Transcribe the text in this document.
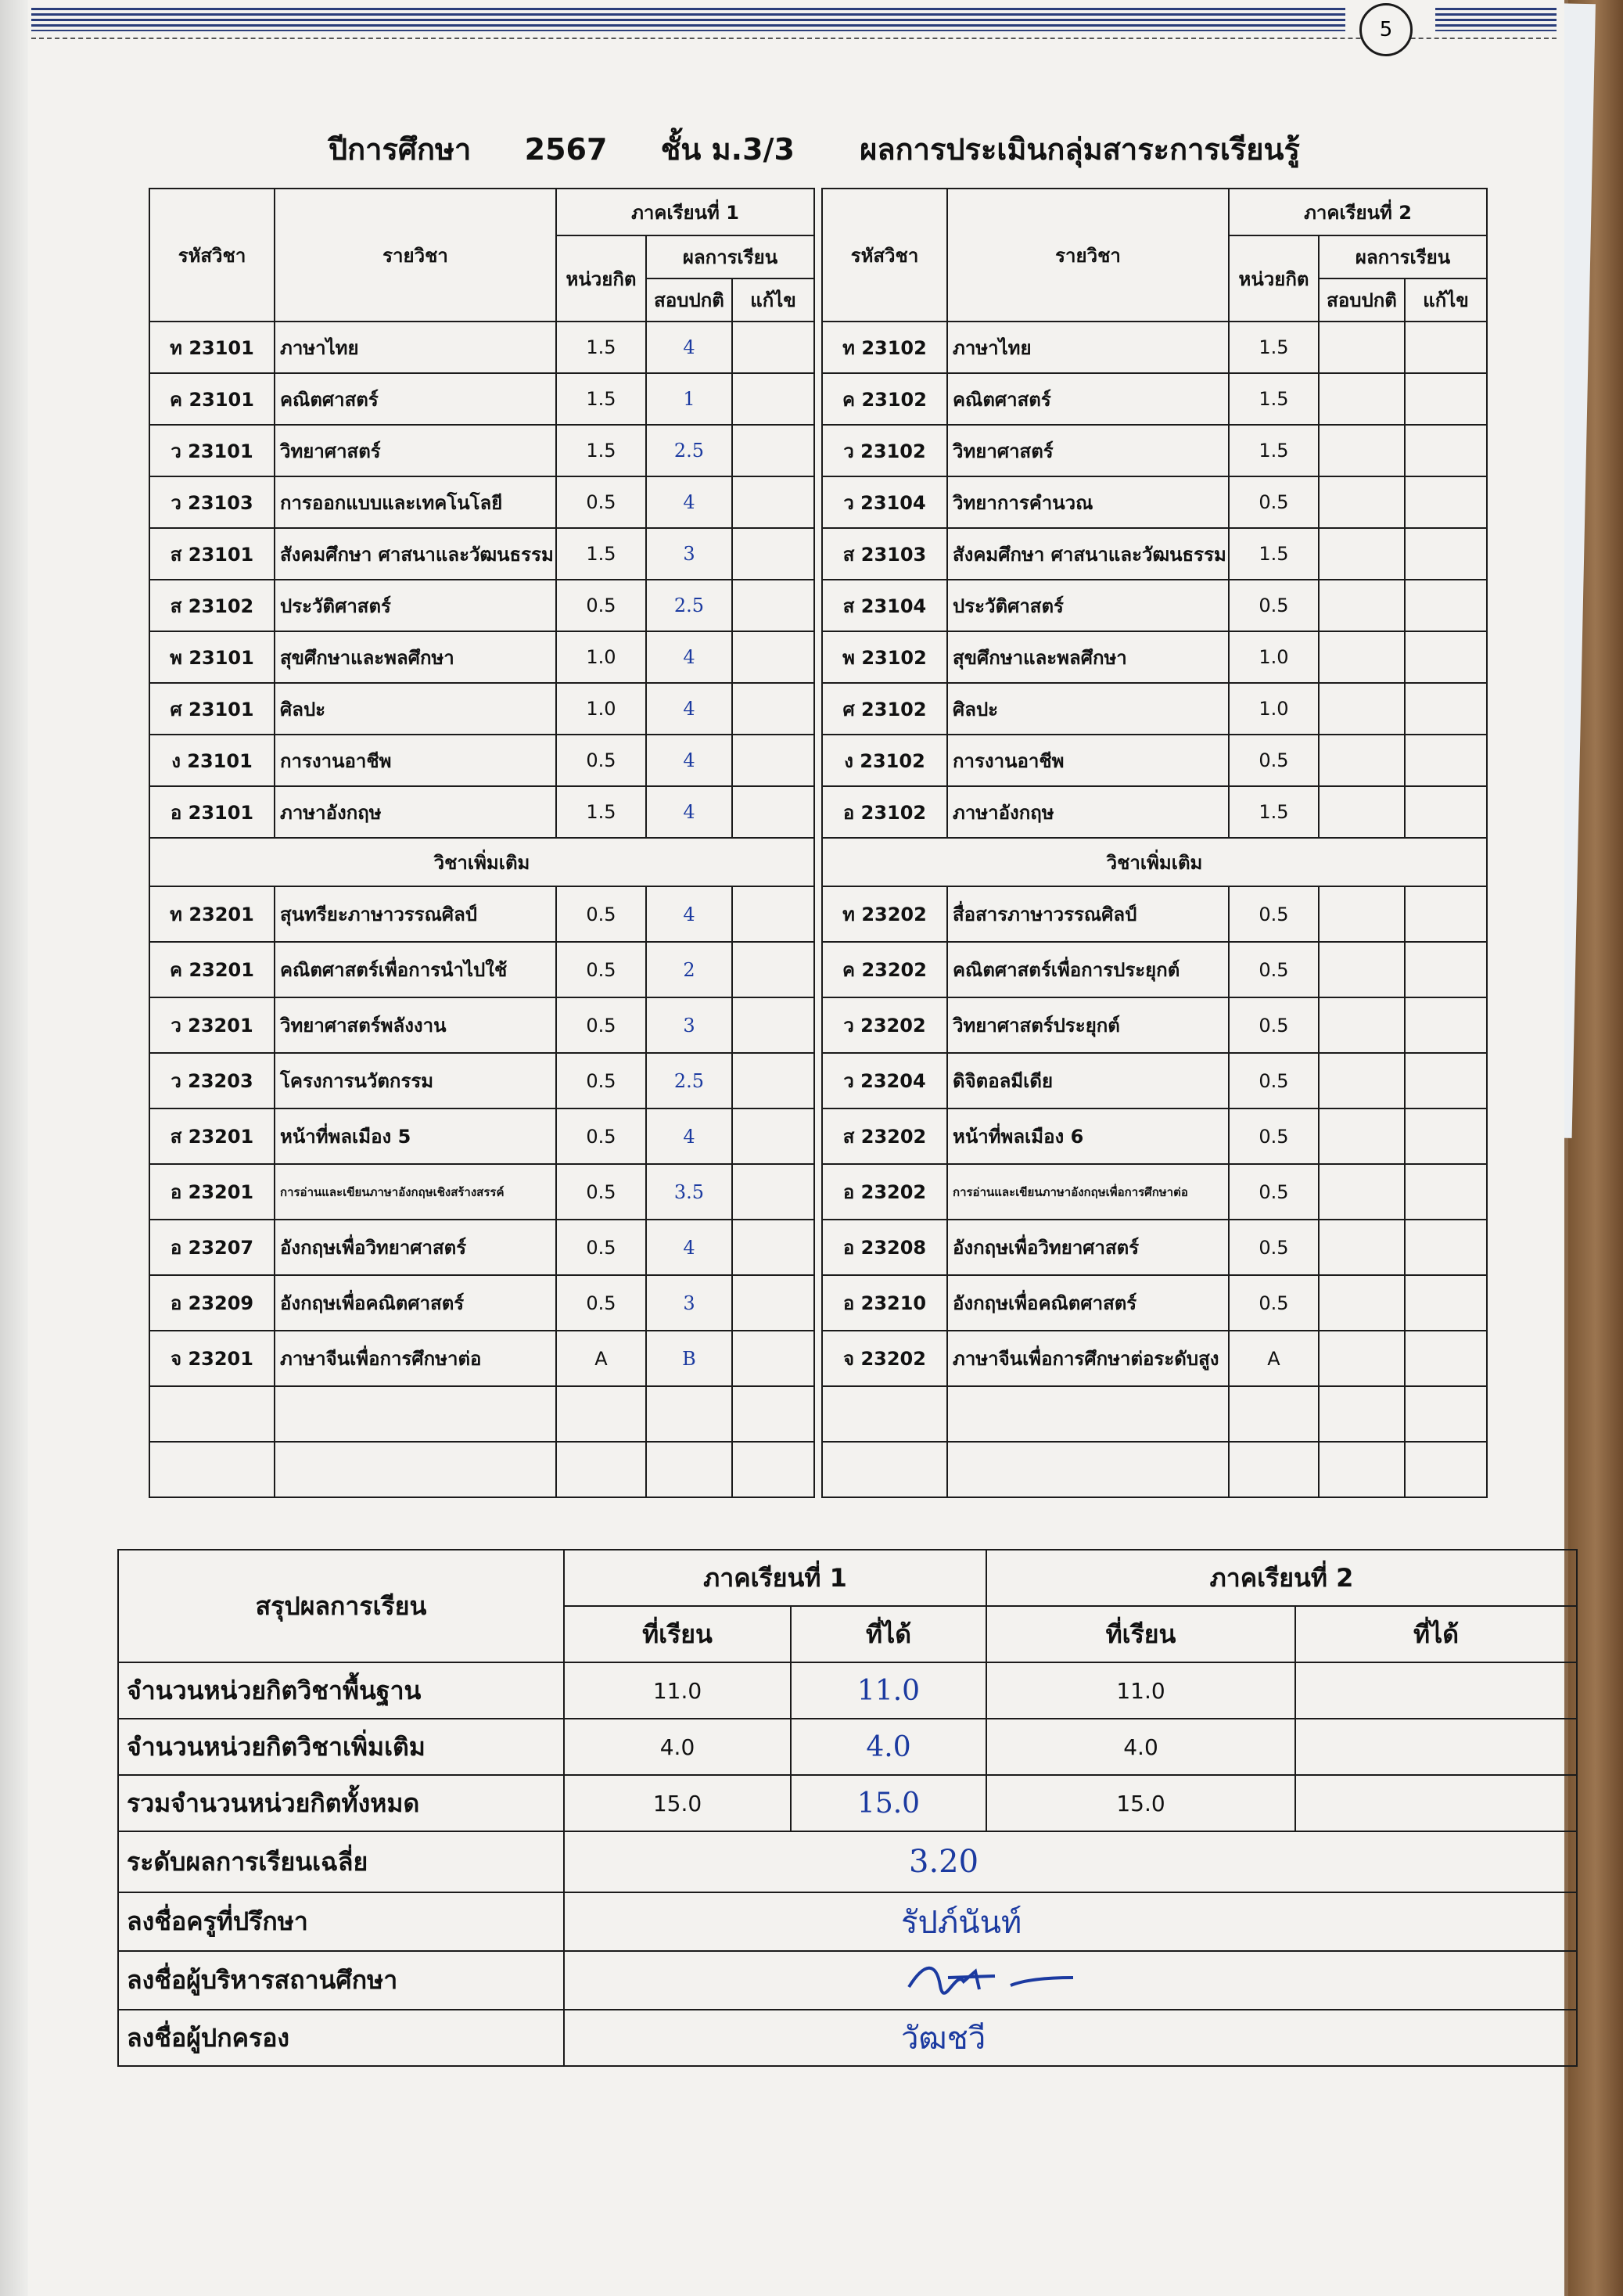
5
ปีการศึกษา 2567 ชั้น ม.3/3 ผลการประเมินกลุ่มสาระการเรียนรู้
รหัสวิชา	รายวิชา	ภาคเรียนที่ 1		
		หน่วยกิต	ผลการเรียน	
			สอบปกติ	แก้ไข
ท 23101	ภาษาไทย	1.5	4	
ค 23101	คณิตศาสตร์	1.5	1	
ว 23101	วิทยาศาสตร์	1.5	2.5	
ว 23103	การออกแบบและเทคโนโลยี	0.5	4	
ส 23101	สังคมศึกษา ศาสนาและวัฒนธรรม	1.5	3	
ส 23102	ประวัติศาสตร์	0.5	2.5	
พ 23101	สุขศึกษาและพลศึกษา	1.0	4	
ศ 23101	ศิลปะ	1.0	4	
ง 23101	การงานอาชีพ	0.5	4	
อ 23101	ภาษาอังกฤษ	1.5	4	
วิชาเพิ่มเติม				
ท 23201	สุนทรียะภาษาวรรณศิลป์	0.5	4	
ค 23201	คณิตศาสตร์เพื่อการนำไปใช้	0.5	2	
ว 23201	วิทยาศาสตร์พลังงาน	0.5	3	
ว 23203	โครงการนวัตกรรม	0.5	2.5	
ส 23201	หน้าที่พลเมือง 5	0.5	4	
อ 23201	การอ่านและเขียนภาษาอังกฤษเชิงสร้างสรรค์	0.5	3.5	
อ 23207	อังกฤษเพื่อวิทยาศาสตร์	0.5	4	
อ 23209	อังกฤษเพื่อคณิตศาสตร์	0.5	3	
จ 23201	ภาษาจีนเพื่อการศึกษาต่อ	A	B	

รหัสวิชา	รายวิชา	ภาคเรียนที่ 2		
		หน่วยกิต	ผลการเรียน	
			สอบปกติ	แก้ไข
ท 23102	ภาษาไทย	1.5		
ค 23102	คณิตศาสตร์	1.5		
ว 23102	วิทยาศาสตร์	1.5		
ว 23104	วิทยาการคำนวณ	0.5		
ส 23103	สังคมศึกษา ศาสนาและวัฒนธรรม	1.5		
ส 23104	ประวัติศาสตร์	0.5		
พ 23102	สุขศึกษาและพลศึกษา	1.0		
ศ 23102	ศิลปะ	1.0		
ง 23102	การงานอาชีพ	0.5		
อ 23102	ภาษาอังกฤษ	1.5		
วิชาเพิ่มเติม				
ท 23202	สื่อสารภาษาวรรณศิลป์	0.5		
ค 23202	คณิตศาสตร์เพื่อการประยุกต์	0.5		
ว 23202	วิทยาศาสตร์ประยุกต์	0.5		
ว 23204	ดิจิตอลมีเดีย	0.5		
ส 23202	หน้าที่พลเมือง 6	0.5		
อ 23202	การอ่านและเขียนภาษาอังกฤษเพื่อการศึกษาต่อ	0.5		
อ 23208	อังกฤษเพื่อวิทยาศาสตร์	0.5		
อ 23210	อังกฤษเพื่อคณิตศาสตร์	0.5		
จ 23202	ภาษาจีนเพื่อการศึกษาต่อระดับสูง	A		

สรุปผลการเรียน	ภาคเรียนที่ 1		ภาคเรียนที่ 2	
	ที่เรียน	ที่ได้	ที่เรียน	ที่ได้
จำนวนหน่วยกิตวิชาพื้นฐาน	11.0	11.0	11.0	
จำนวนหน่วยกิตวิชาเพิ่มเติม	4.0	4.0	4.0	
รวมจำนวนหน่วยกิตทั้งหมด	15.0	15.0	15.0	
ระดับผลการเรียนเฉลี่ย	3.20			
ลงชื่อครูที่ปรึกษา	รัปภ์นันท์			
ลงชื่อผู้บริหารสถานศึกษา	
ลงชื่อผู้ปกครอง	วัฒชวี			
